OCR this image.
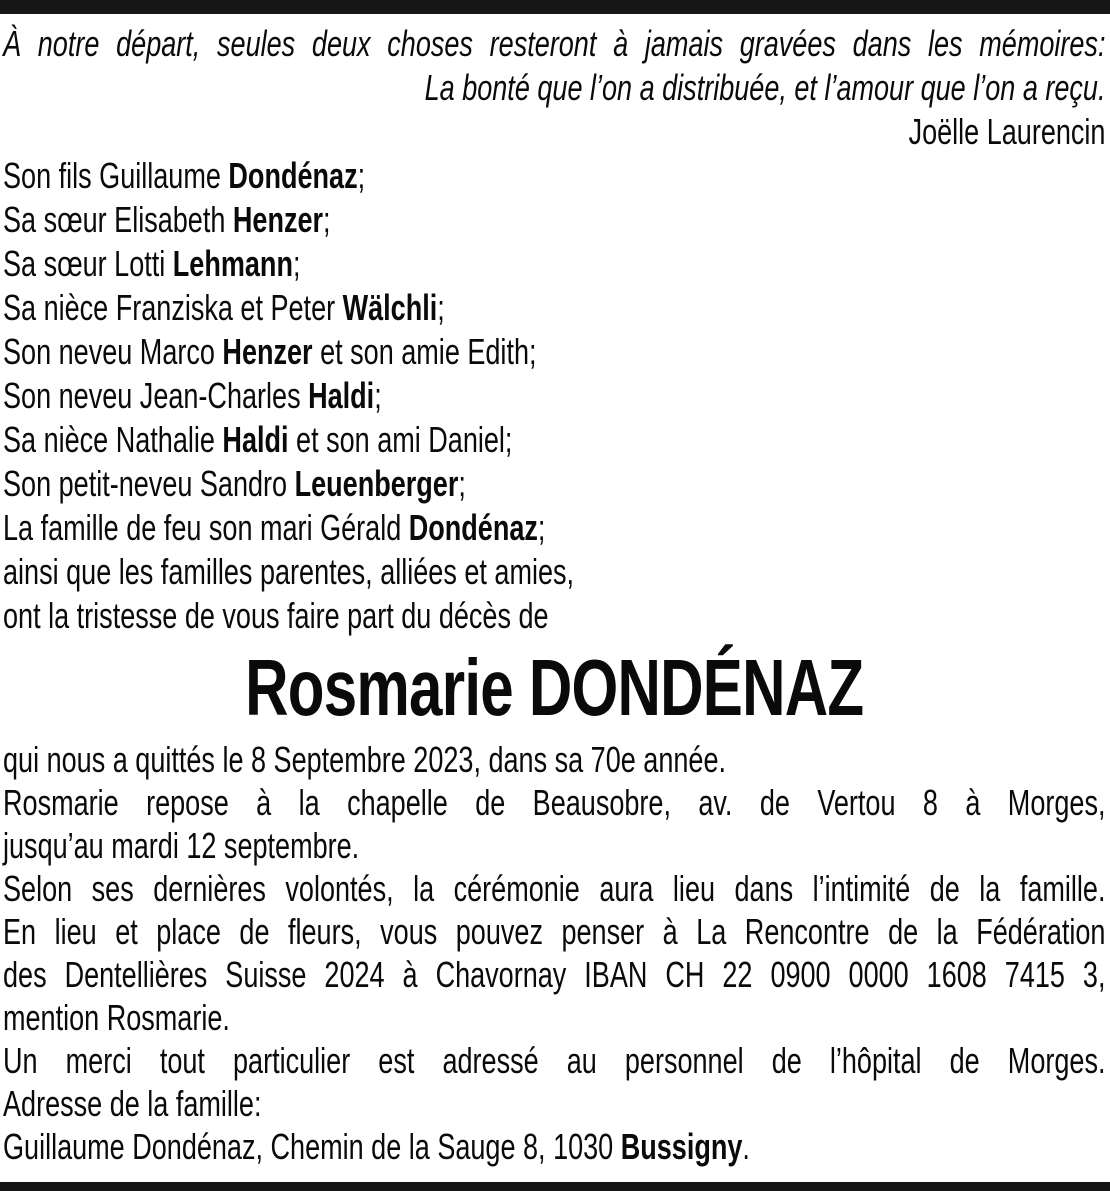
À notre départ, seules deux choses resteront à jamais gravées dans les mémoires:
La bonté que l’on a distribuée, et l’amour que l’on a reçu.
Joëlle Laurencin
Son fils Guillaume Dondénaz;
Sa sœur Elisabeth Henzer;
Sa sœur Lotti Lehmann;
Sa nièce Franziska et Peter Wälchli;
Son neveu Marco Henzer et son amie Edith;
Son neveu Jean-Charles Haldi;
Sa nièce Nathalie Haldi et son ami Daniel;
Son petit-neveu Sandro Leuenberger;
La famille de feu son mari Gérald Dondénaz;
ainsi que les familles parentes, alliées et amies,
ont la tristesse de vous faire part du décès de
Rosmarie DONDÉNAZ
qui nous a quittés le 8 Septembre 2023, dans sa 70e année.
Rosmarie repose à la chapelle de Beausobre, av. de Vertou 8 à Morges,
jusqu’au mardi 12 septembre.
Selon ses dernières volontés, la cérémonie aura lieu dans l’intimité de la famille.
En lieu et place de fleurs, vous pouvez penser à La Rencontre de la Fédération
des Dentellières Suisse 2024 à Chavornay IBAN CH 22 0900 0000 1608 7415 3,
mention Rosmarie.
Un merci tout particulier est adressé au personnel de l’hôpital de Morges.
Adresse de la famille:
Guillaume Dondénaz, Chemin de la Sauge 8, 1030 Bussigny.
